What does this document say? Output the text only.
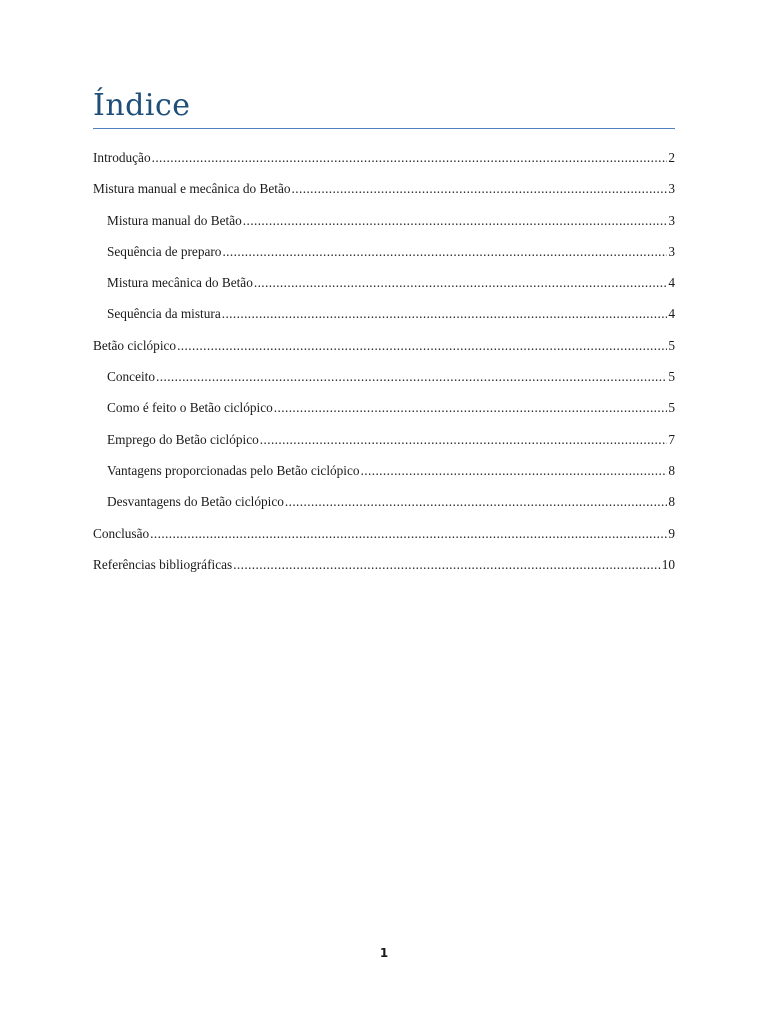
Índice
Introdução .....	2
Mistura manual e mecânica do Betão .....	3
Mistura manual do Betão .....	3
Sequência de preparo .....	3
Mistura mecânica do Betão .....	4
Sequência da mistura .....	4
Betão ciclópico .....	5
Conceito .....	5
Como é feito o Betão ciclópico .....	5
Emprego do Betão ciclópico .....	7
Vantagens proporcionadas pelo Betão ciclópico .....	8
Desvantagens do Betão ciclópico .....	8
Conclusão .....	9
Referências bibliográficas .....	10
1
